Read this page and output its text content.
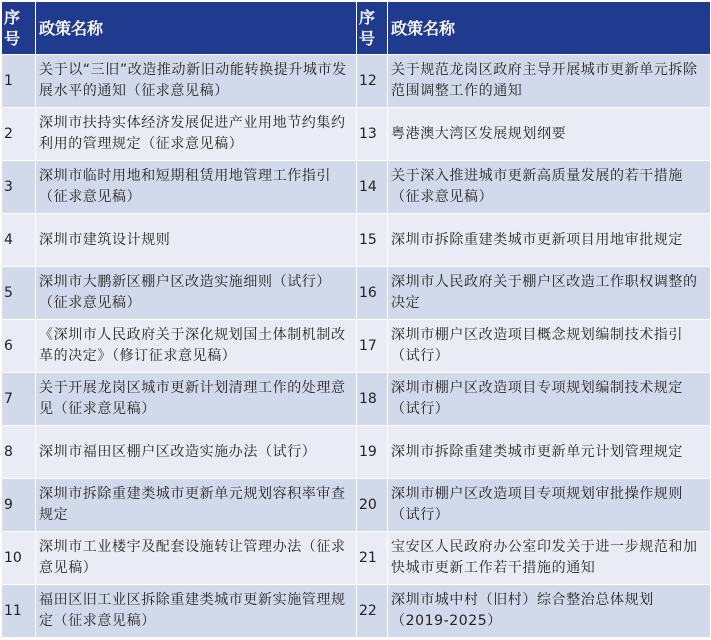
序号	政策名称	序号	政策名称
1	关于以“三旧”改造推动新旧动能转换提升城市发展水平的通知（征求意见稿）	12	关于规范龙岗区政府主导开展城市更新单元拆除范围调整工作的通知
2	深圳市扶持实体经济发展促进产业用地节约集约利用的管理规定（征求意见稿）	13	粤港澳大湾区发展规划纲要
3	深圳市临时用地和短期租赁用地管理工作指引（征求意见稿）	14	关于深入推进城市更新高质量发展的若干措施（征求意见稿）
4	深圳市建筑设计规则	15	深圳市拆除重建类城市更新项目用地审批规定
5	深圳市大鹏新区棚户区改造实施细则（试行）（征求意见稿）	16	深圳市人民政府关于棚户区改造工作职权调整的决定
6	《深圳市人民政府关于深化规划国土体制机制改革的决定》（修订征求意见稿）	17	深圳市棚户区改造项目概念规划编制技术指引（试行）
7	关于开展龙岗区城市更新计划清理工作的处理意见（征求意见稿）	18	深圳市棚户区改造项目专项规划编制技术规定（试行）
8	深圳市福田区棚户区改造实施办法（试行）	19	深圳市拆除重建类城市更新单元计划管理规定
9	深圳市拆除重建类城市更新单元规划容积率审查规定	20	深圳市棚户区改造项目专项规划审批操作规则（试行）
10	深圳市工业楼宇及配套设施转让管理办法（征求意见稿）	21	宝安区人民政府办公室印发关于进一步规范和加快城市更新工作若干措施的通知
11	福田区旧工业区拆除重建类城市更新实施管理规定（征求意见稿）	22	深圳市城中村（旧村）综合整治总体规划（2019-2025）
